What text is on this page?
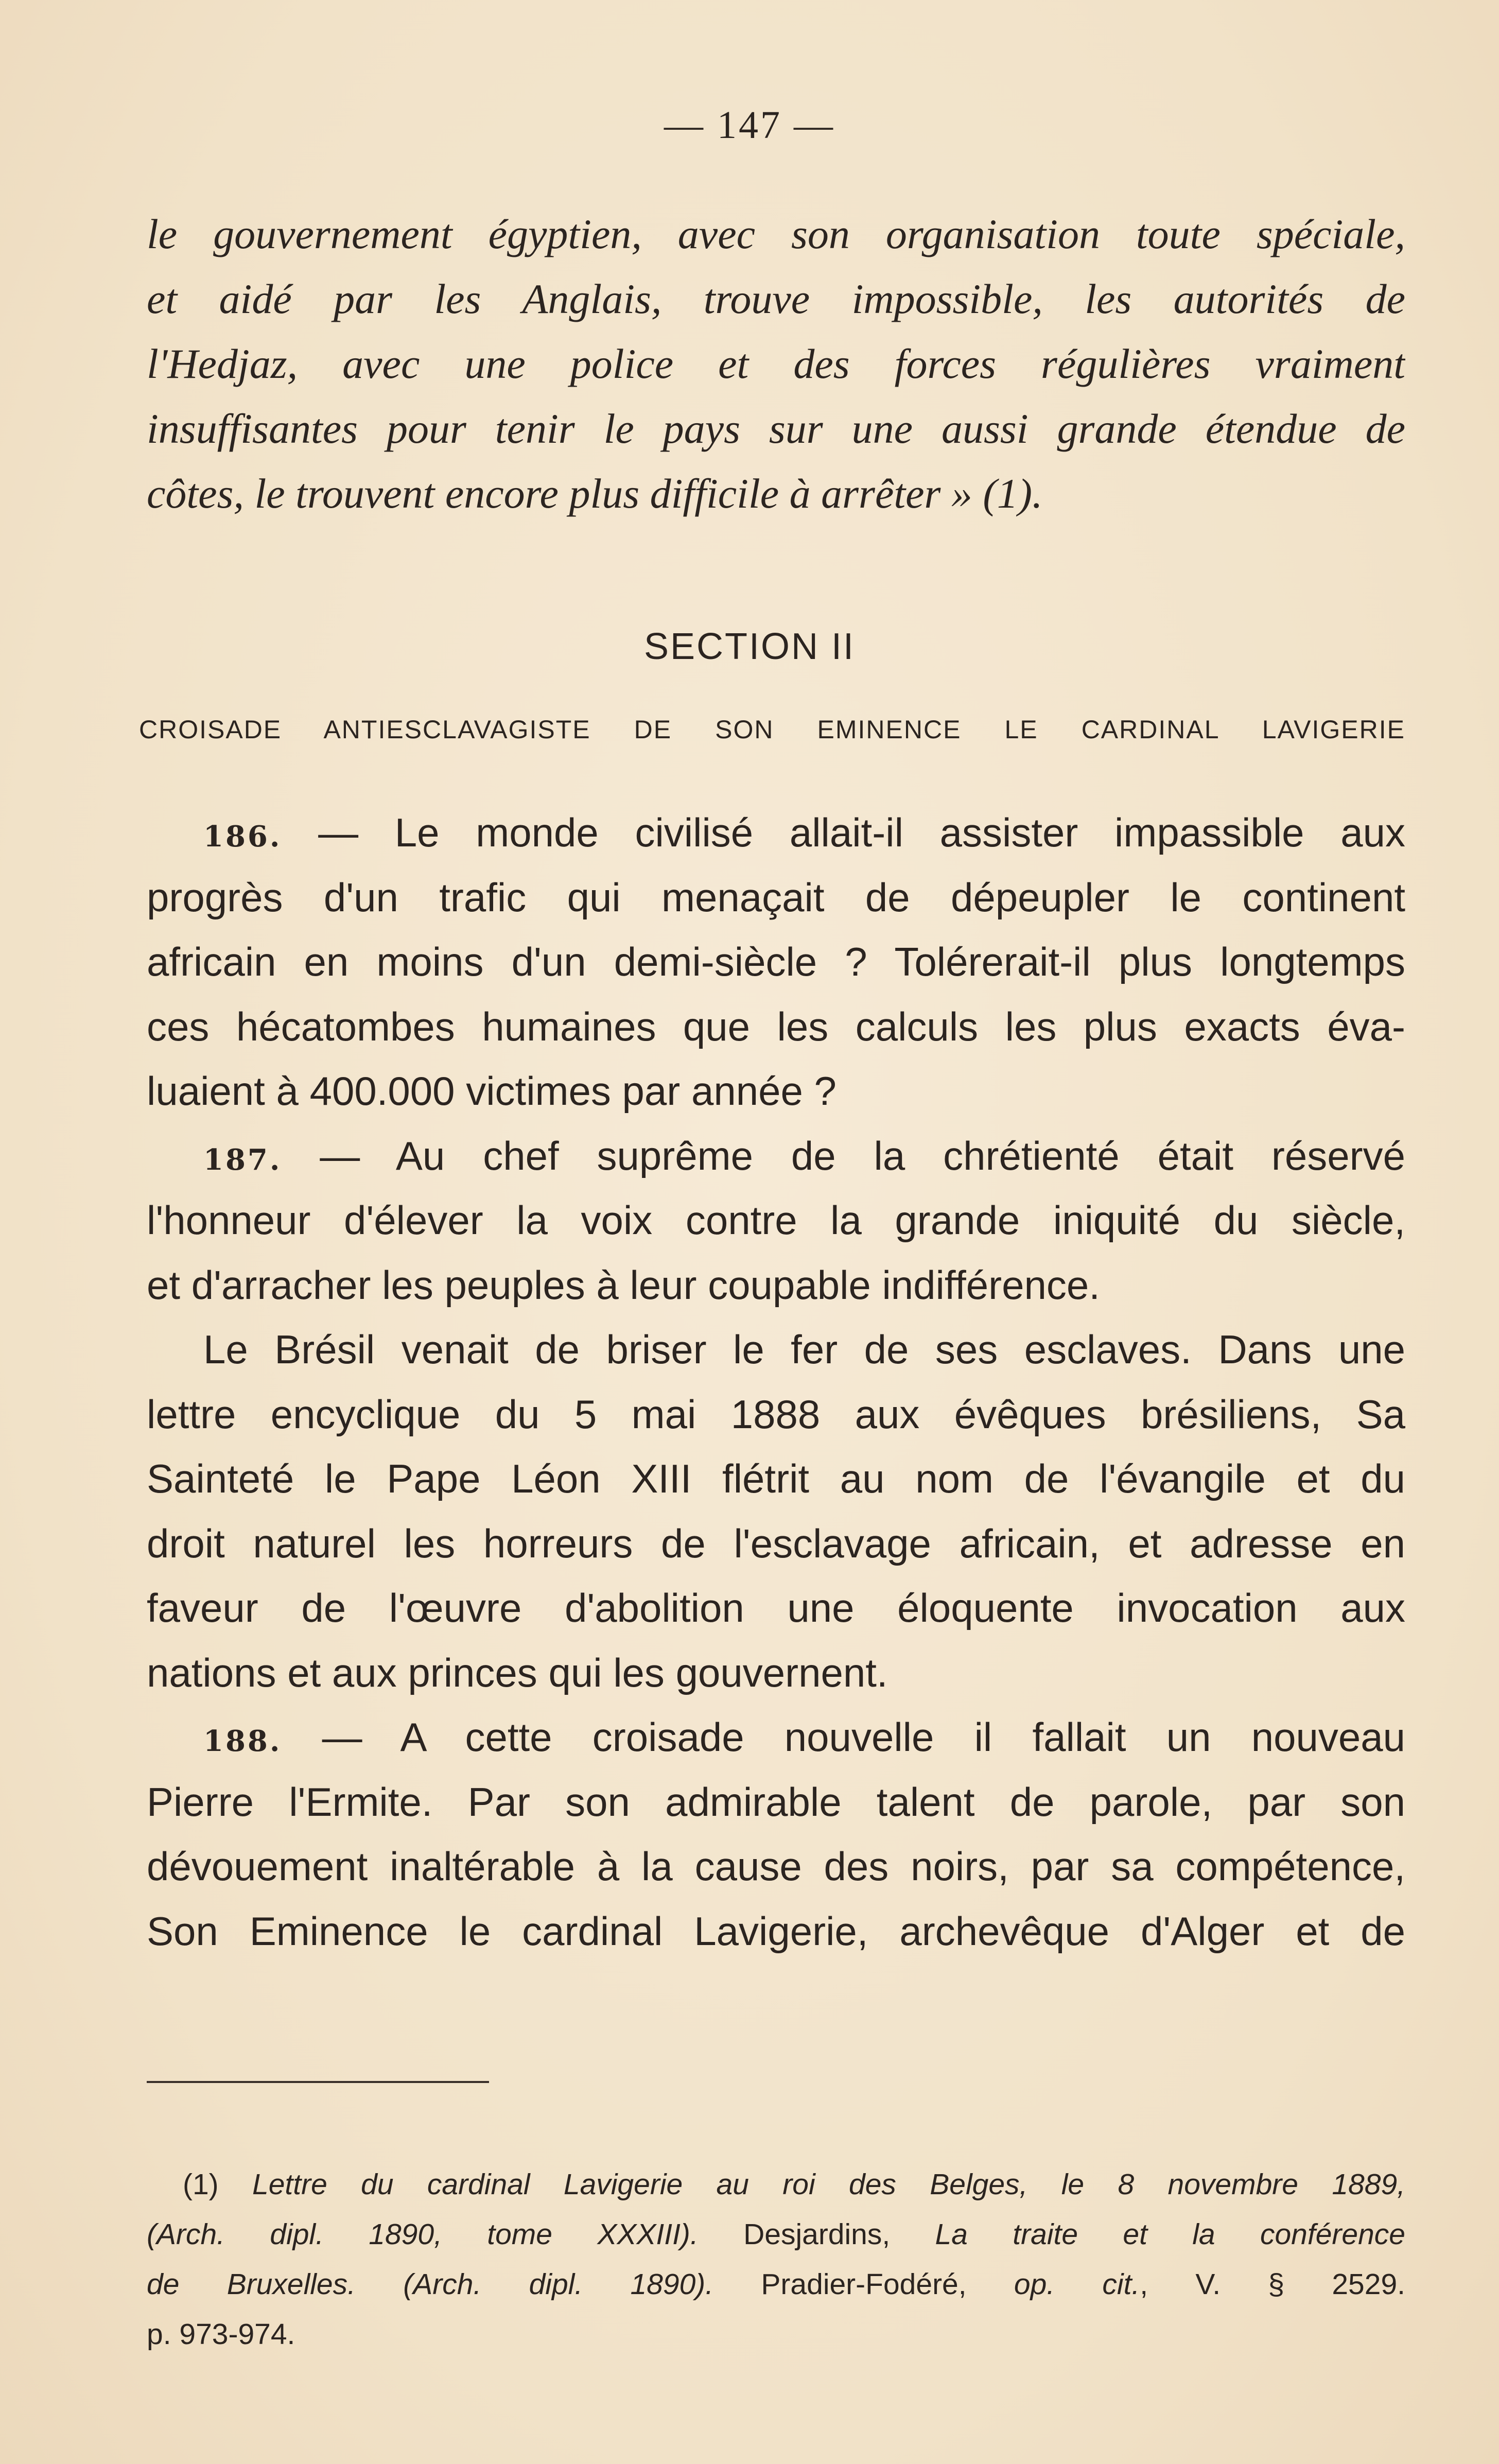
— 147 —
le gouvernement égyptien, avec son organisation toute spéciale,
et aidé par les Anglais, trouve impossible, les autorités de
l'Hedjaz, avec une police et des forces régulières vraiment
insuffisantes pour tenir le pays sur une aussi grande étendue de
côtes, le trouvent encore plus difficile à arrêter » (1).
SECTION II
CROISADE ANTIESCLAVAGISTE DE SON EMINENCE LE CARDINAL LAVIGERIE
186. — Le monde civilisé allait-il assister impassible aux
progrès d'un trafic qui menaçait de dépeupler le continent
africain en moins d'un demi-siècle ? Tolérerait-il plus longtemps
ces hécatombes humaines que les calculs les plus exacts éva-
luaient à 400.000 victimes par année ?
187. — Au chef suprême de la chrétienté était réservé
l'honneur d'élever la voix contre la grande iniquité du siècle,
et d'arracher les peuples à leur coupable indifférence.
Le Brésil venait de briser le fer de ses esclaves. Dans une
lettre encyclique du 5 mai 1888 aux évêques brésiliens, Sa
Sainteté le Pape Léon XIII flétrit au nom de l'évangile et du
droit naturel les horreurs de l'esclavage africain, et adresse en
faveur de l'œuvre d'abolition une éloquente invocation aux
nations et aux princes qui les gouvernent.
188. — A cette croisade nouvelle il fallait un nouveau
Pierre l'Ermite. Par son admirable talent de parole, par son
dévouement inaltérable à la cause des noirs, par sa compétence,
Son Eminence le cardinal Lavigerie, archevêque d'Alger et de
(1) Lettre du cardinal Lavigerie au roi des Belges, le 8 novembre 1889,
(Arch. dipl. 1890, tome XXXIII). Desjardins, La traite et la conférence
de Bruxelles. (Arch. dipl. 1890). Pradier-Fodéré, op. cit., V. § 2529.
p. 973-974.
